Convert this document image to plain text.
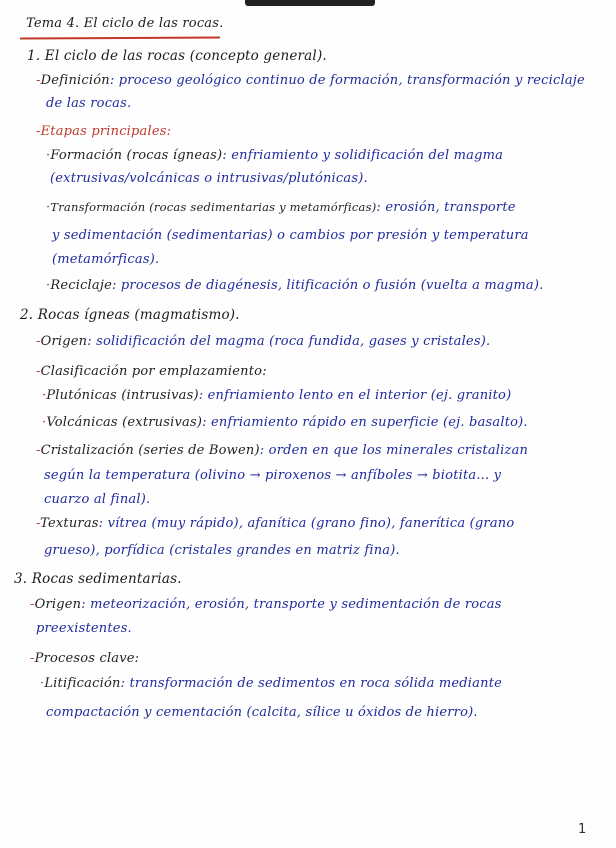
Tema 4. El ciclo de las rocas.
1. El ciclo de las rocas (concepto general).
-Definición: proceso geológico continuo de formación, transformación y reciclaje
de las rocas.
-Etapas principales:
·Formación (rocas ígneas): enfriamiento y solidificación del magma
(extrusivas/volcánicas o intrusivas/plutónicas).
·Transformación (rocas sedimentarias y metamórficas): erosión, transporte
y sedimentación (sedimentarias) o cambios por presión y temperatura
(metamórficas).
·Reciclaje: procesos de diagénesis, litificación o fusión (vuelta a magma).
2. Rocas ígneas (magmatismo).
-Origen: solidificación del magma (roca fundida, gases y cristales).
-Clasificación por emplazamiento:
·Plutónicas (intrusivas): enfriamiento lento en el interior (ej. granito)
·Volcánicas (extrusivas): enfriamiento rápido en superficie (ej. basalto).
-Cristalización (series de Bowen): orden en que los minerales cristalizan
según la temperatura (olivino → piroxenos → anfíboles → biotita... y
cuarzo al final).
-Texturas: vítrea (muy rápido), afanítica (grano fino), fanerítica (grano
grueso), porfídica (cristales grandes en matriz fina).
3. Rocas sedimentarias.
-Origen: meteorización, erosión, transporte y sedimentación de rocas
preexistentes.
-Procesos clave:
·Litificación: transformación de sedimentos en roca sólida mediante
compactación y cementación (calcita, sílice u óxidos de hierro).
1
